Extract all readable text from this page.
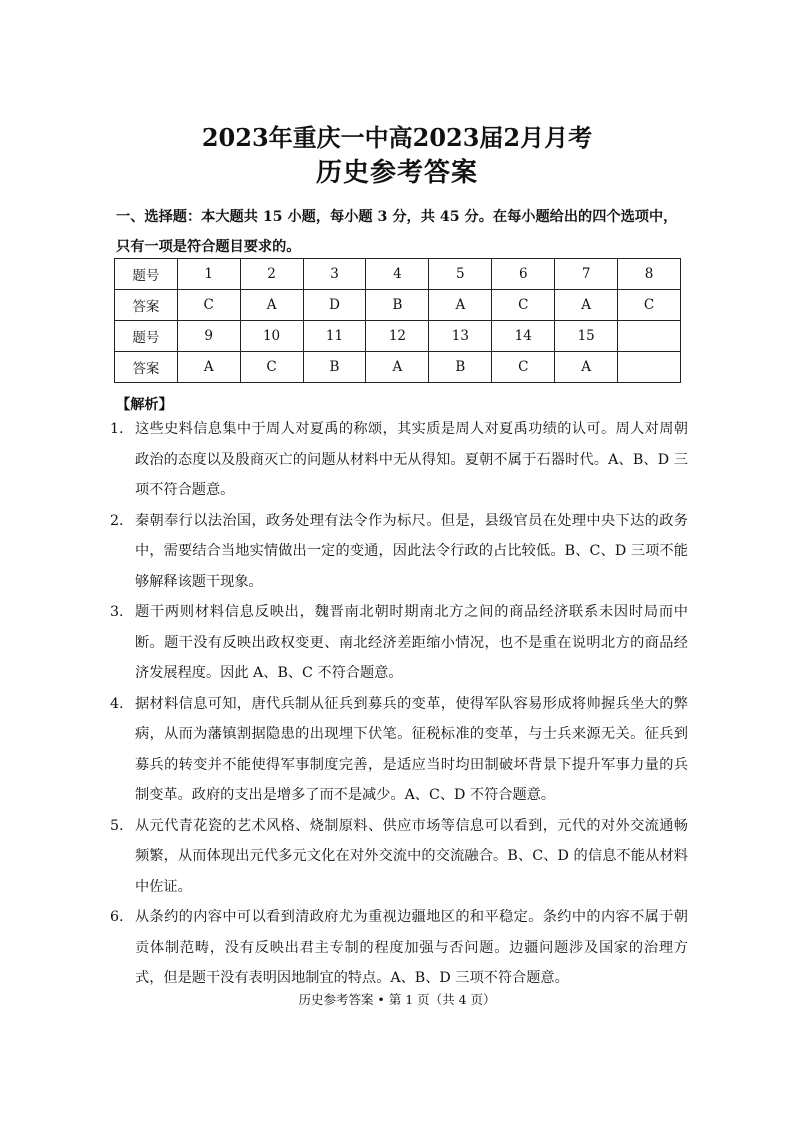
2023年重庆一中高2023届2月月考
历史参考答案
一、选择题：本大题共 15 小题，每小题 3 分，共 45 分。在每小题给出的四个选项中，只有一项是符合题目要求的。
题号	1	2	3	4	5	6	7	8
答案	C	A	D	B	A	C	A	C
题号	9	10	11	12	13	14	15	
答案	A	C	B	A	B	C	A	
【解析】
1. 这些史料信息集中于周人对夏禹的称颂，其实质是周人对夏禹功绩的认可。周人对周朝政治的态度以及殷商灭亡的问题从材料中无从得知。夏朝不属于石器时代。A、B、D 三项不符合题意。
2. 秦朝奉行以法治国，政务处理有法令作为标尺。但是，县级官员在处理中央下达的政务中，需要结合当地实情做出一定的变通，因此法令行政的占比较低。B、C、D 三项不能够解释该题干现象。
3. 题干两则材料信息反映出，魏晋南北朝时期南北方之间的商品经济联系未因时局而中断。题干没有反映出政权变更、南北经济差距缩小情况，也不是重在说明北方的商品经济发展程度。因此 A、B、C 不符合题意。
4. 据材料信息可知，唐代兵制从征兵到募兵的变革，使得军队容易形成将帅握兵坐大的弊病，从而为藩镇割据隐患的出现埋下伏笔。征税标准的变革，与士兵来源无关。征兵到募兵的转变并不能使得军事制度完善，是适应当时均田制破坏背景下提升军事力量的兵制变革。政府的支出是增多了而不是减少。A、C、D 不符合题意。
5. 从元代青花瓷的艺术风格、烧制原料、供应市场等信息可以看到，元代的对外交流通畅频繁，从而体现出元代多元文化在对外交流中的交流融合。B、C、D 的信息不能从材料中佐证。
6. 从条约的内容中可以看到清政府尤为重视边疆地区的和平稳定。条约中的内容不属于朝贡体制范畴，没有反映出君主专制的程度加强与否问题。边疆问题涉及国家的治理方式，但是题干没有表明因地制宜的特点。A、B、D 三项不符合题意。
历史参考答案 • 第 1 页（共 4 页）
